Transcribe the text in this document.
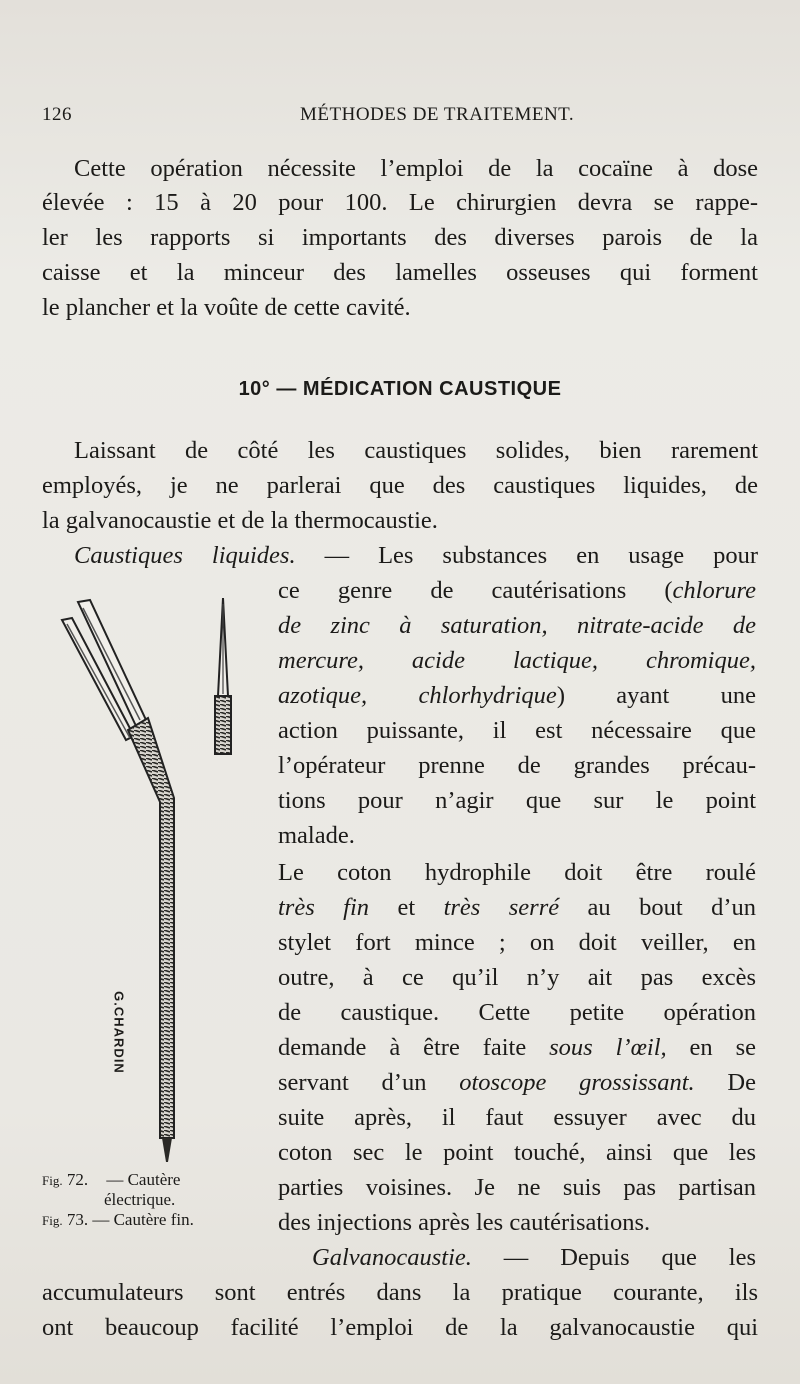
126	MÉTHODES DE TRAITEMENT.
Cette opération nécessite l’emploi de la cocaïne à dose
élevée : 15 à 20 pour 100. Le chirurgien devra se rappe-
ler les rapports si importants des diverses parois de la
caisse et la minceur des lamelles osseuses qui forment
le plancher et la voûte de cette cavité.
10° — MÉDICATION CAUSTIQUE
Laissant de côté les caustiques solides, bien rarement
employés, je ne parlerai que des caustiques liquides, de
la galvanocaustie et de la thermocaustie.
Caustiques liquides. — Les substances en usage pour
ce genre de cautérisations (chlorure
de zinc à saturation, nitrate-acide de
mercure, acide lactique, chromique,
azotique, chlorhydrique) ayant une
action puissante, il est nécessaire que
l’opérateur prenne de grandes précau-
tions pour n’agir que sur le point
malade.
Le coton hydrophile doit être roulé
très fin et très serré au bout d’un
stylet fort mince ; on doit veiller, en
outre, à ce qu’il n’y ait pas excès
de caustique. Cette petite opération
demande à être faite sous l’œil, en se
servant d’un otoscope grossissant. De
suite après, il faut essuyer avec du
coton sec le point touché, ainsi que les
parties voisines. Je ne suis pas partisan
des injections après les cautérisations.
Galvanocaustie. — Depuis que les
accumulateurs sont entrés dans la pratique courante, ils
ont beaucoup facilité l’emploi de la galvanocaustie qui
G.CHARDIN
Fig. 72. — Cautère
électrique.
Fig. 73. — Cautère fin.
